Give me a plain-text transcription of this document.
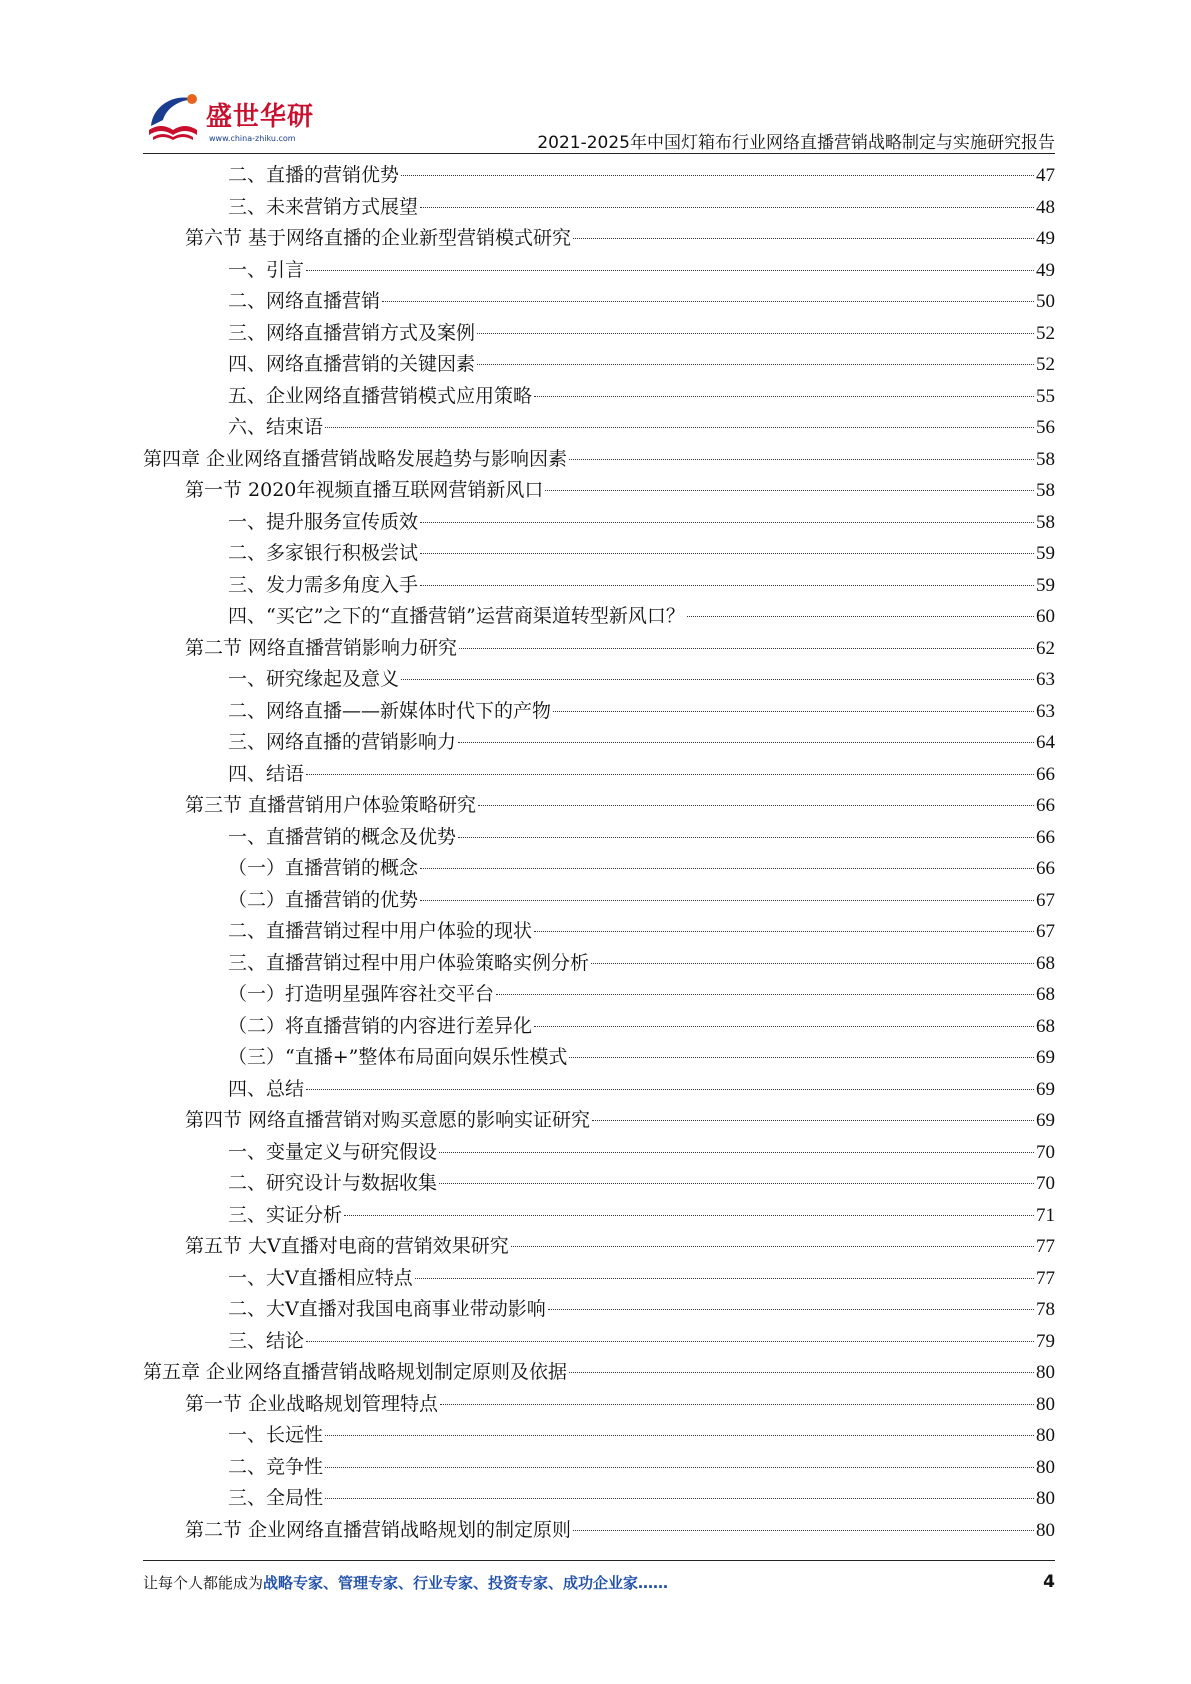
盛世华研
www.china-zhiku.com	2021-2025年中国灯箱布行业网络直播营销战略制定与实施研究报告
二、直播的营销优势	47
三、未来营销方式展望	48
第六节 基于网络直播的企业新型营销模式研究	49
一、引言	49
二、网络直播营销	50
三、网络直播营销方式及案例	52
四、网络直播营销的关键因素	52
五、企业网络直播营销模式应用策略	55
六、结束语	56
第四章 企业网络直播营销战略发展趋势与影响因素	58
第一节 2020年视频直播互联网营销新风口	58
一、提升服务宣传质效	58
二、多家银行积极尝试	59
三、发力需多角度入手	59
四、“买它”之下的“直播营销”运营商渠道转型新风口？	60
第二节 网络直播营销影响力研究	62
一、研究缘起及意义	63
二、网络直播——新媒体时代下的产物	63
三、网络直播的营销影响力	64
四、结语	66
第三节 直播营销用户体验策略研究	66
一、直播营销的概念及优势	66
（一）直播营销的概念	66
（二）直播营销的优势	67
二、直播营销过程中用户体验的现状	67
三、直播营销过程中用户体验策略实例分析	68
（一）打造明星强阵容社交平台	68
（二）将直播营销的内容进行差异化	68
（三）“直播+”整体布局面向娱乐性模式	69
四、总结	69
第四节 网络直播营销对购买意愿的影响实证研究	69
一、变量定义与研究假设	70
二、研究设计与数据收集	70
三、实证分析	71
第五节 大V直播对电商的营销效果研究	77
一、大V直播相应特点	77
二、大V直播对我国电商事业带动影响	78
三、结论	79
第五章 企业网络直播营销战略规划制定原则及依据	80
第一节 企业战略规划管理特点	80
一、长远性	80
二、竞争性	80
三、全局性	80
第二节 企业网络直播营销战略规划的制定原则	80
让每个人都能成为战略专家、管理专家、行业专家、投资专家、成功企业家……	4
